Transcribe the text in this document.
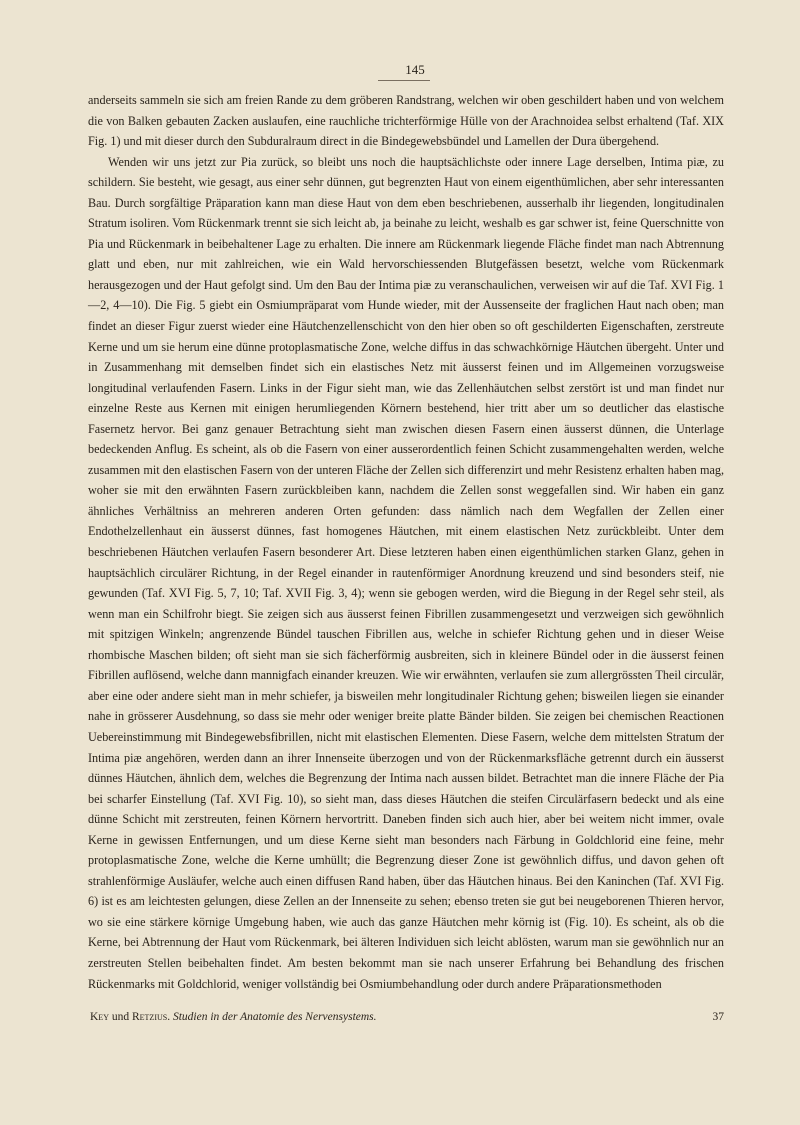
145

anderseits sammeln sie sich am freien Rande zu dem gröberen Randstrang, welchen wir oben geschildert haben und von welchem die von Balken gebauten Zacken auslaufen, eine rauchliche trichterförmige Hülle von der Arachnoidea selbst erhaltend (Taf. XIX Fig. 1) und mit dieser durch den Subduralraum direct in die Bindegewebsbündel und Lamellen der Dura übergehend.

Wenden wir uns jetzt zur Pia zurück, so bleibt uns noch die hauptsächlichste oder innere Lage derselben, Intima piæ, zu schildern. Sie besteht, wie gesagt, aus einer sehr dünnen, gut begrenzten Haut von einem eigenthümlichen, aber sehr interessanten Bau. Durch sorgfältige Präparation kann man diese Haut von dem eben beschriebenen, ausserhalb ihr liegenden, longitudinalen Stratum isoliren. Vom Rückenmark trennt sie sich leicht ab, ja beinahe zu leicht, weshalb es gar schwer ist, feine Querschnitte von Pia und Rückenmark in beibehaltener Lage zu erhalten. Die innere am Rückenmark liegende Fläche findet man nach Abtrennung glatt und eben, nur mit zahlreichen, wie ein Wald hervorschiessenden Blutgefässen besetzt, welche vom Rückenmark herausgezogen und der Haut gefolgt sind. Um den Bau der Intima piæ zu veranschaulichen, verweisen wir auf die Taf. XVI Fig. 1—2, 4—10). Die Fig. 5 giebt ein Osmiumpräparat vom Hunde wieder, mit der Aussenseite der fraglichen Haut nach oben; man findet an dieser Figur zuerst wieder eine Häutchenzellenschicht von den hier oben so oft geschilderten Eigenschaften, zerstreute Kerne und um sie herum eine dünne protoplasmatische Zone, welche diffus in das schwachkörnige Häutchen übergeht. Unter und in Zusammenhang mit demselben findet sich ein elastisches Netz mit äusserst feinen und im Allgemeinen vorzugsweise longitudinal verlaufenden Fasern. Links in der Figur sieht man, wie das Zellenhäutchen selbst zerstört ist und man findet nur einzelne Reste aus Kernen mit einigen herumliegenden Körnern bestehend, hier tritt aber um so deutlicher das elastische Fasernetz hervor. Bei ganz genauer Betrachtung sieht man zwischen diesen Fasern einen äusserst dünnen, die Unterlage bedeckenden Anflug. Es scheint, als ob die Fasern von einer ausserordentlich feinen Schicht zusammengehalten werden, welche zusammen mit den elastischen Fasern von der unteren Fläche der Zellen sich differenzirt und mehr Resistenz erhalten haben mag, woher sie mit den erwähnten Fasern zurückbleiben kann, nachdem die Zellen sonst weggefallen sind. Wir haben ein ganz ähnliches Verhältniss an mehreren anderen Orten gefunden: dass nämlich nach dem Wegfallen der Zellen einer Endothelzellenhaut ein äusserst dünnes, fast homogenes Häutchen, mit einem elastischen Netz zurückbleibt. Unter dem beschriebenen Häutchen verlaufen Fasern besonderer Art. Diese letzteren haben einen eigenthümlichen starken Glanz, gehen in hauptsächlich circulärer Richtung, in der Regel einander in rautenförmiger Anordnung kreuzend und sind besonders steif, nie gewunden (Taf. XVI Fig. 5, 7, 10; Taf. XVII Fig. 3, 4); wenn sie gebogen werden, wird die Biegung in der Regel sehr steil, als wenn man ein Schilfrohr biegt. Sie zeigen sich aus äusserst feinen Fibrillen zusammengesetzt und verzweigen sich gewöhnlich mit spitzigen Winkeln; angrenzende Bündel tauschen Fibrillen aus, welche in schiefer Richtung gehen und in dieser Weise rhombische Maschen bilden; oft sieht man sie sich fächerförmig ausbreiten, sich in kleinere Bündel oder in die äusserst feinen Fibrillen auflösend, welche dann mannigfach einander kreuzen. Wie wir erwähnten, verlaufen sie zum allergrössten Theil circulär, aber eine oder andere sieht man in mehr schiefer, ja bisweilen mehr longitudinaler Richtung gehen; bisweilen liegen sie einander nahe in grösserer Ausdehnung, so dass sie mehr oder weniger breite platte Bänder bilden. Sie zeigen bei chemischen Reactionen Uebereinstimmung mit Bindegewebsfibrillen, nicht mit elastischen Elementen. Diese Fasern, welche dem mittelsten Stratum der Intima piæ angehören, werden dann an ihrer Innenseite überzogen und von der Rückenmarksfläche getrennt durch ein äusserst dünnes Häutchen, ähnlich dem, welches die Begrenzung der Intima nach aussen bildet. Betrachtet man die innere Fläche der Pia bei scharfer Einstellung (Taf. XVI Fig. 10), so sieht man, dass dieses Häutchen die steifen Circulärfasern bedeckt und als eine dünne Schicht mit zerstreuten, feinen Körnern hervortritt. Daneben finden sich auch hier, aber bei weitem nicht immer, ovale Kerne in gewissen Entfernungen, und um diese Kerne sieht man besonders nach Färbung in Goldchlorid eine feine, mehr protoplasmatische Zone, welche die Kerne umhüllt; die Begrenzung dieser Zone ist gewöhnlich diffus, und davon gehen oft strahlenförmige Ausläufer, welche auch einen diffusen Rand haben, über das Häutchen hinaus. Bei den Kaninchen (Taf. XVI Fig. 6) ist es am leichtesten gelungen, diese Zellen an der Innenseite zu sehen; ebenso treten sie gut bei neugeborenen Thieren hervor, wo sie eine stärkere körnige Umgebung haben, wie auch das ganze Häutchen mehr körnig ist (Fig. 10). Es scheint, als ob die Kerne, bei Abtrennung der Haut vom Rückenmark, bei älteren Individuen sich leicht ablösten, warum man sie gewöhnlich nur an zerstreuten Stellen beibehalten findet. Am besten bekommt man sie nach unserer Erfahrung bei Behandlung des frischen Rückenmarks mit Goldchlorid, weniger vollständig bei Osmiumbehandlung oder durch andere Präparationsmethoden

Key und Retzius. Studien in der Anatomie des Nervensystems.	37
